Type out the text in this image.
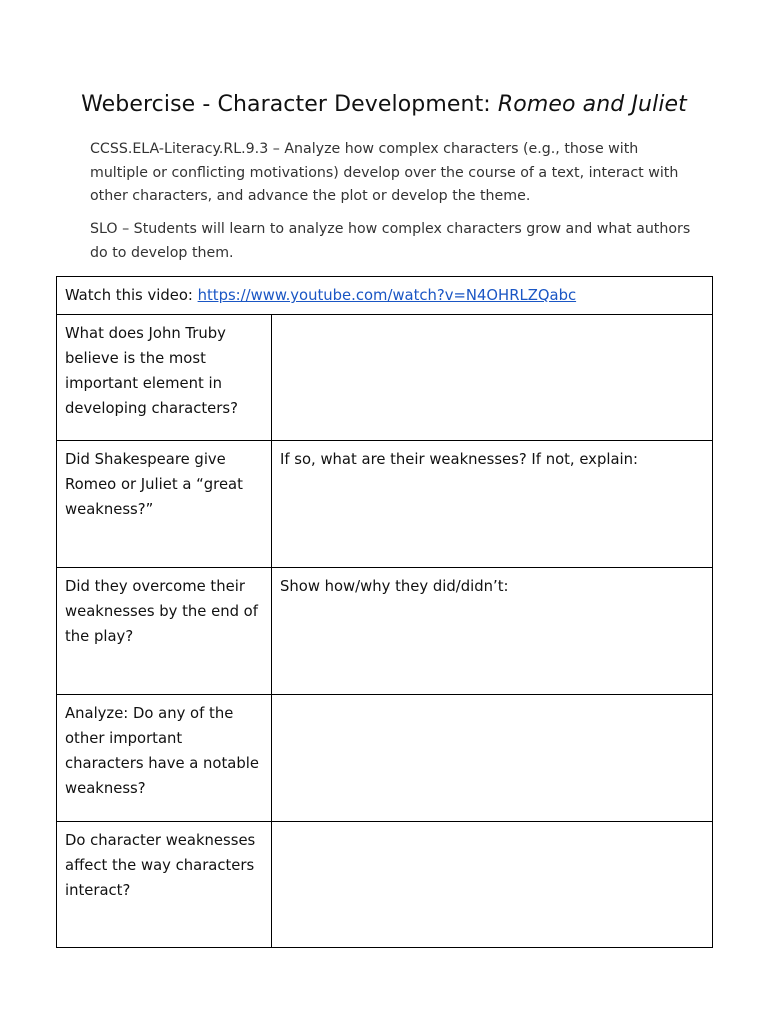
Webercise - Character Development: Romeo and Juliet

CCSS.ELA-Literacy.RL.9.3 – Analyze how complex characters (e.g., those with multiple or conflicting motivations) develop over the course of a text, interact with other characters, and advance the plot or develop the theme.

SLO – Students will learn to analyze how complex characters grow and what authors do to develop them.

Watch this video: https://www.youtube.com/watch?v=N4OHRLZQabc	
What does John Truby believe is the most important element in developing characters?	
Did Shakespeare give Romeo or Juliet a “great weakness?”	If so, what are their weaknesses? If not, explain:
Did they overcome their weaknesses by the end of the play?	Show how/why they did/didn’t:
Analyze: Do any of the other important characters have a notable weakness?	
Do character weaknesses affect the way characters interact?	
